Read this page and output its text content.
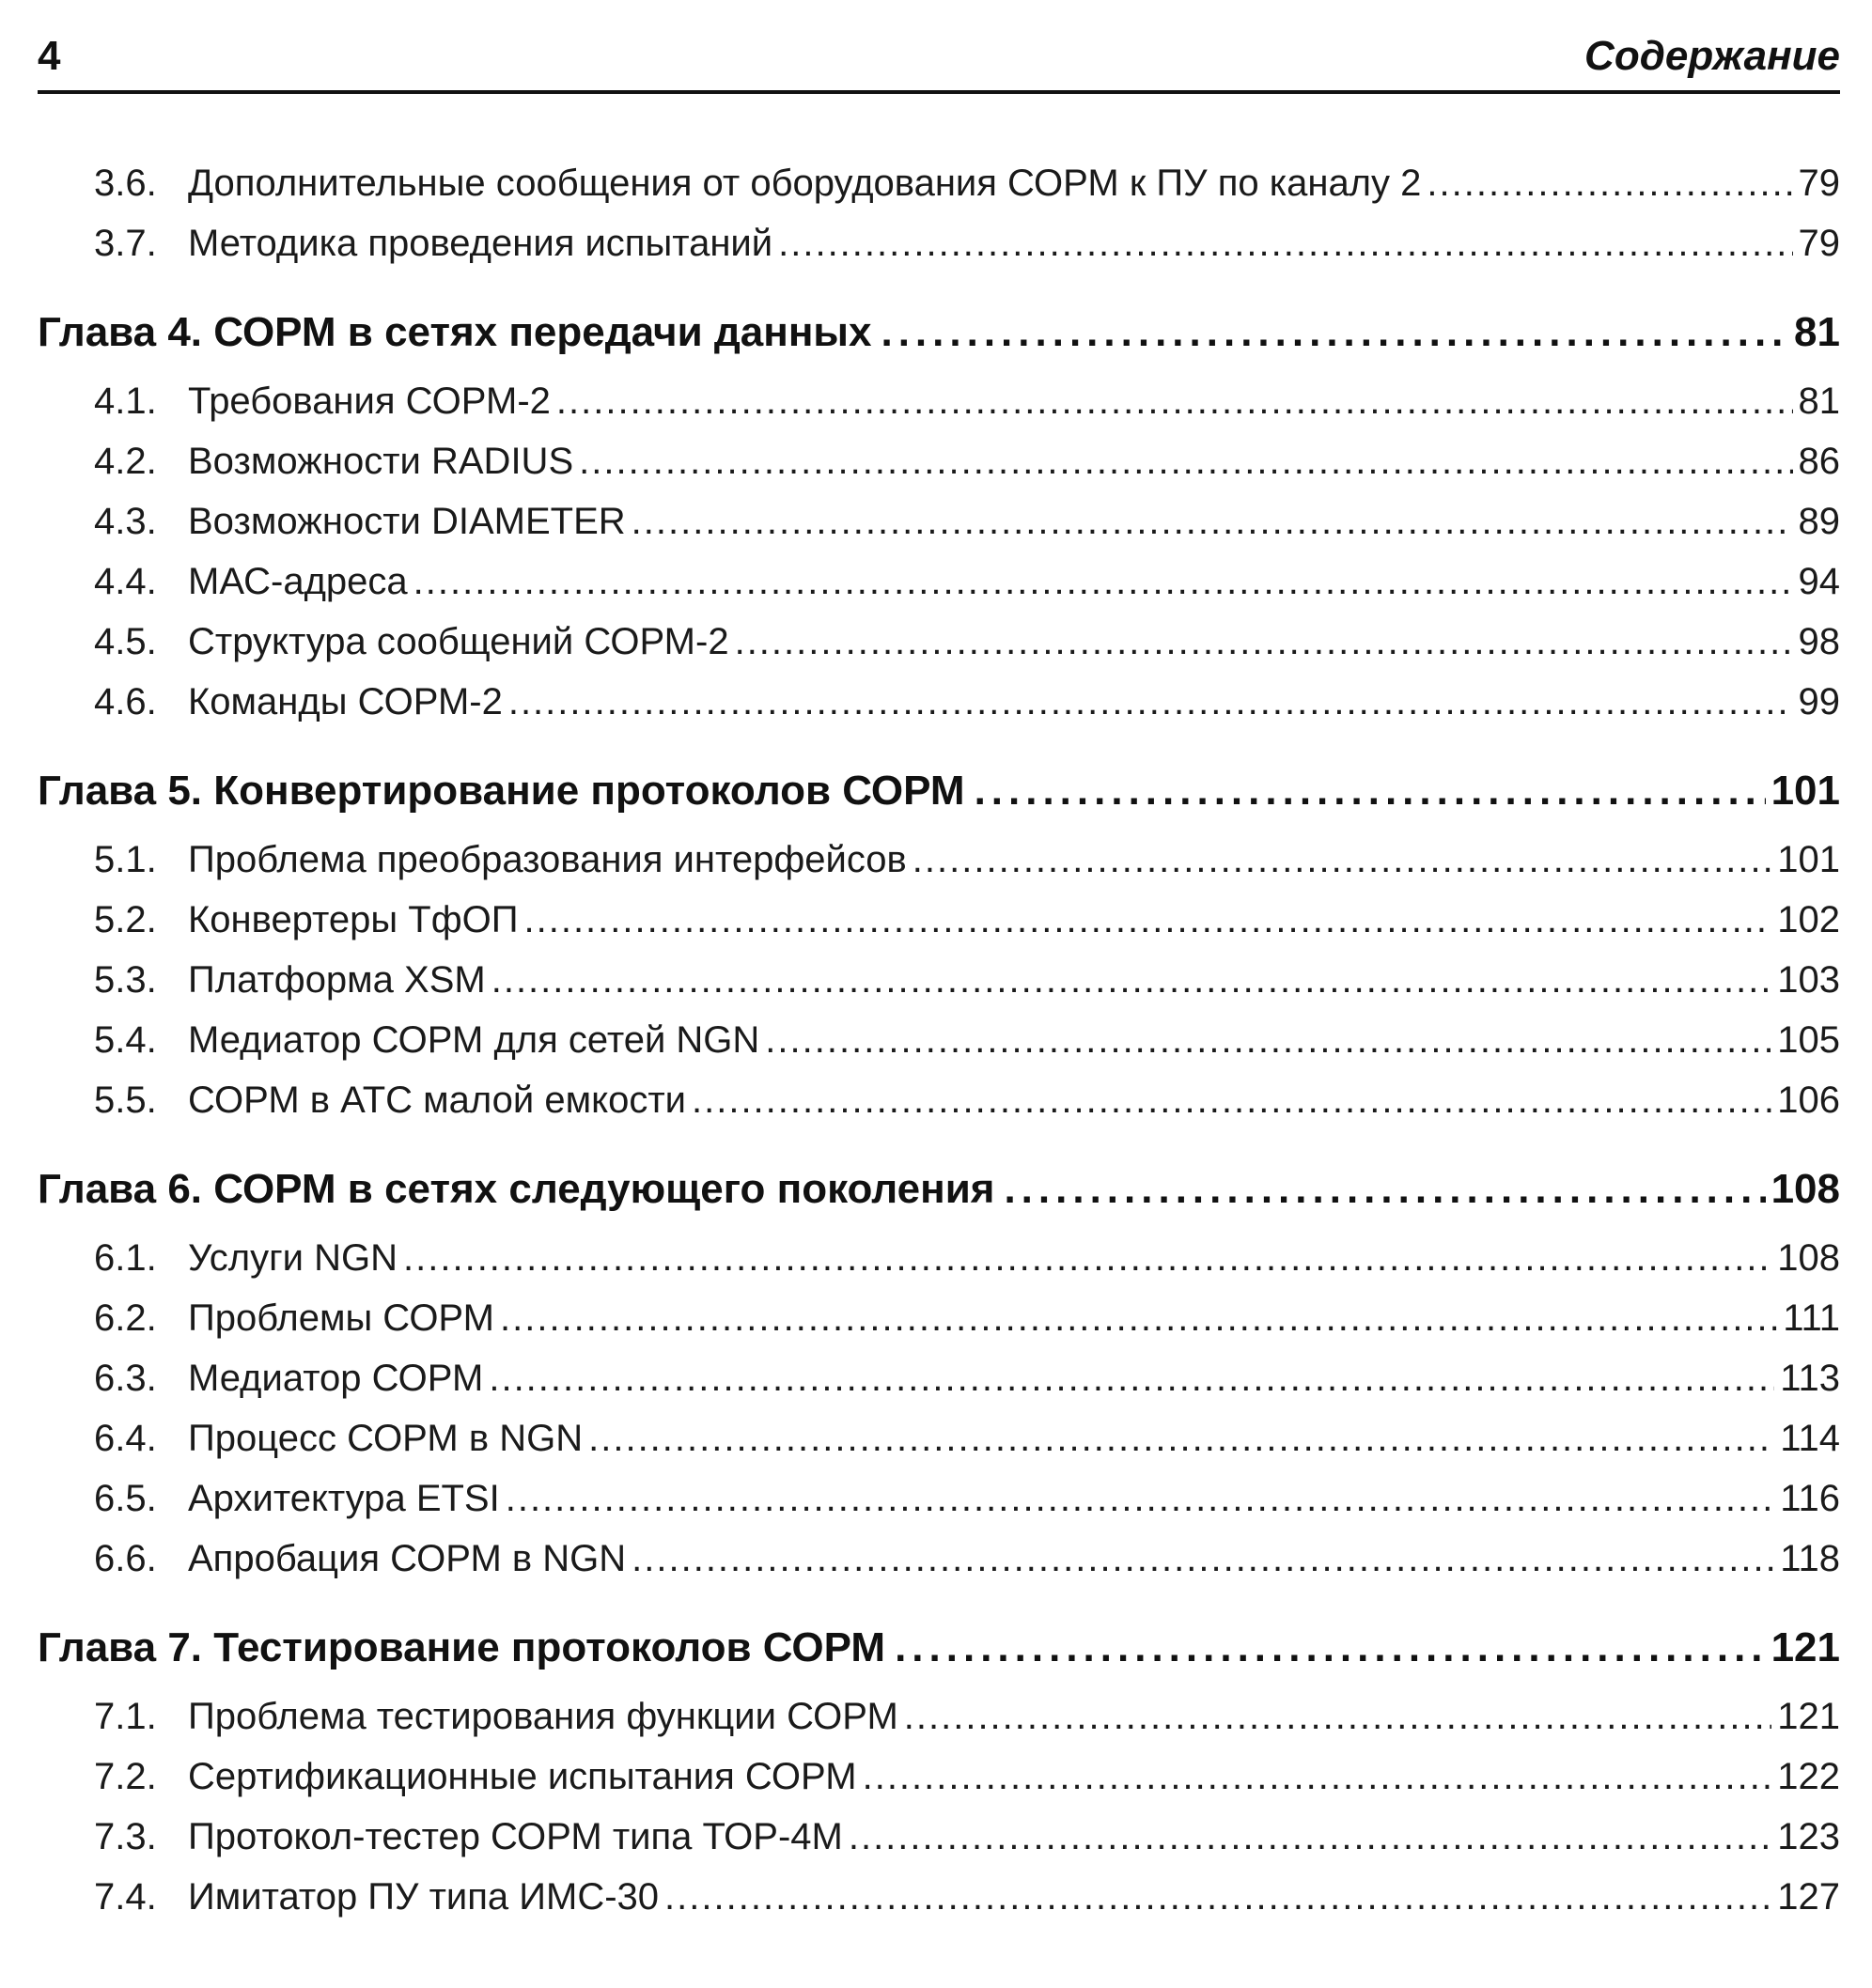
4	Содержание
3.6. Дополнительные сообщения от оборудования СОРМ к ПУ по каналу 2 .....	79
3.7. Методика проведения испытаний .....	79
Глава 4. СОРМ в сетях передачи данных .....	81
4.1. Требования СОРМ-2 .....	81
4.2. Возможности RADIUS .....	86
4.3. Возможности DIAMETER .....	89
4.4. МАС-адреса .....	94
4.5. Структура сообщений СОРМ-2 .....	98
4.6. Команды СОРМ-2 .....	99
Глава 5. Конвертирование протоколов СОРМ .....	101
5.1. Проблема преобразования интерфейсов .....	101
5.2. Конвертеры ТфОП .....	102
5.3. Платформа XSM .....	103
5.4. Медиатор СОРМ для сетей NGN .....	105
5.5. СОРМ в АТС малой емкости .....	106
Глава 6. СОРМ в сетях следующего поколения .....	108
6.1. Услуги NGN .....	108
6.2. Проблемы СОРМ .....	111
6.3. Медиатор СОРМ .....	113
6.4. Процесс СОРМ в NGN .....	114
6.5. Архитектура ETSI .....	116
6.6. Апробация СОРМ в NGN .....	118
Глава 7. Тестирование протоколов СОРМ .....	121
7.1. Проблема тестирования функции СОРМ .....	121
7.2. Сертификационные испытания СОРМ .....	122
7.3. Протокол-тестер СОРМ типа ТОР-4М .....	123
7.4. Имитатор ПУ типа ИМС-30 .....	127
